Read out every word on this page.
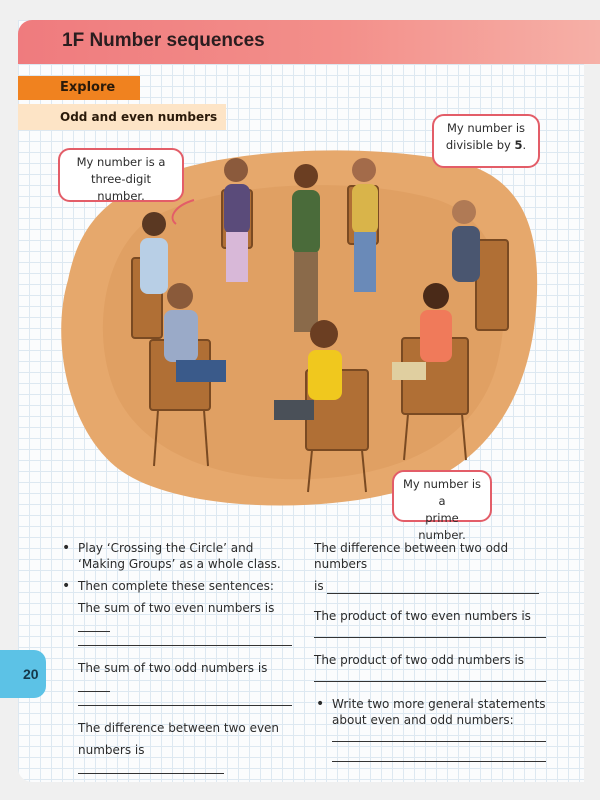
1F Number sequences
Explore
Odd and even numbers
My number is a
three-digit number.
My number is
divisible by 5.
My number is a
prime number.
• Play ‘Crossing the Circle’ and ‘Making Groups’ as a whole class.
• Then complete these sentences:
The sum of two even numbers is
The sum of two odd numbers is
The difference between two even
numbers is
The difference between two odd numbers
is
The product of two even numbers is
The product of two odd numbers is
• Write two more general statements about even and odd numbers:
20
